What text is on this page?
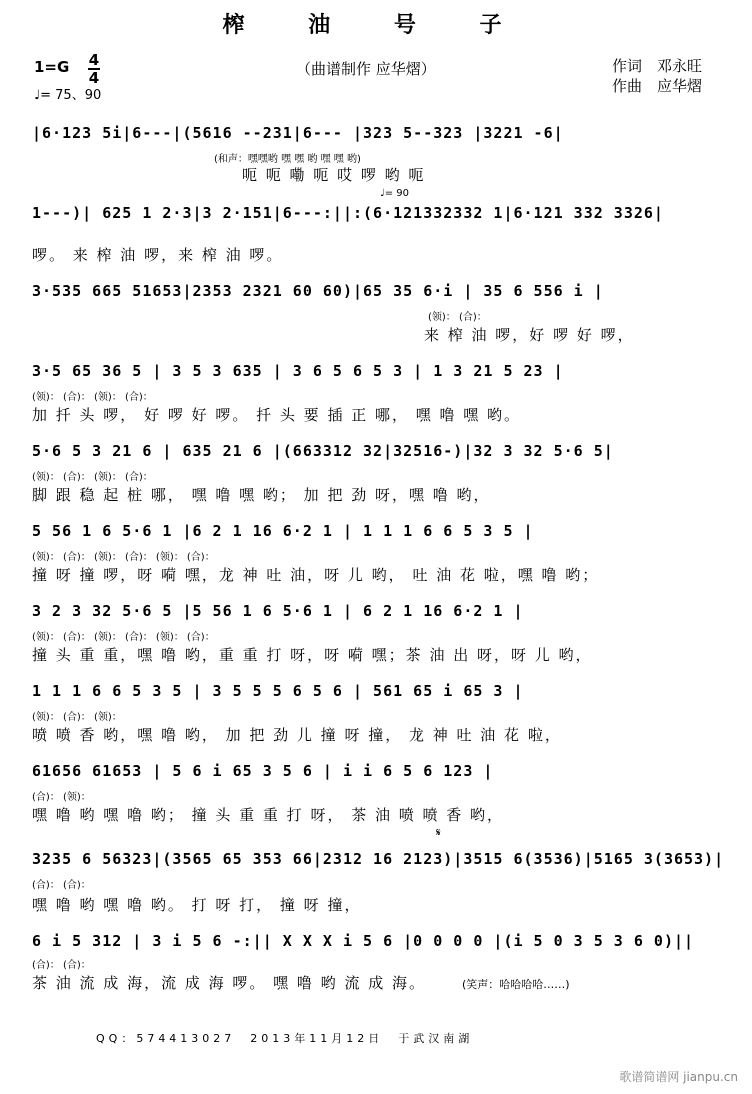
榨 油 号 子
1=G 4
4
♩= 75、90
（曲谱制作 应华熠）	作词　邓永旺
作曲　应华熠
|6·123 5i|6---|(5616 --231|6--- |323 5--323 |3221 -6|
(和声：嘿嘿哟 嘿 嘿 哟 嘿 嘿 哟)
呃 呃 嘞 呃 哎 啰 哟 呃
♩= 90
1---)| 625 1 2·3|3 2·151|6---:||:(6·121332332 1|6·121 332 3326|
啰。 来 榨 油 啰，来 榨 油 啰。
3·535 665 51653|2353 2321 60 60)|65 35 6·i | 35 6 556 i |
(领)： (合)：
来 榨 油 啰，好 啰 好 啰，
3·5 65 36 5 | 3 5 3 635 | 3 6 5 6 5 3 | 1 3 21 5 23 |
(领)： (合)： (领)： (合)：
加 扦 头 啰， 好 啰 好 啰。 扦 头 要 插 正 哪， 嘿 噜 嘿 哟。
5·6 5 3 21 6 | 635 21 6 |(663312 32|32516-)|32 3 32 5·6 5|
(领)： (合)： (领)： (合)：
脚 跟 稳 起 桩 哪， 嘿 噜 嘿 哟； 加 把 劲 呀，嘿 噜 哟，
5 56 1 6 5·6 1 |6 2 1 16 6·2 1 | 1 1 1 6 6 5 3 5 |
(领)： (合)： (领)： (合)： (领)： (合)：
撞 呀 撞 啰，呀 嗬 嘿，龙 神 吐 油，呀 儿 哟， 吐 油 花 啦，嘿 噜 哟；
3 2 3 32 5·6 5 |5 56 1 6 5·6 1 | 6 2 1 16 6·2 1 |
(领)： (合)： (领)： (合)： (领)： (合)：
撞 头 重 重，嘿 噜 哟，重 重 打 呀，呀 嗬 嘿；茶 油 出 呀，呀 儿 哟，
1 1 1 6 6 5 3 5 | 3 5 5 5 6 5 6 | 561 65 i 65 3 |
(领)： (合)： (领)：
喷 喷 香 哟，嘿 噜 哟， 加 把 劲 儿 撞 呀 撞， 龙 神 吐 油 花 啦，
61656 61653 | 5 6 i 65 3 5 6 | i i 6 5 6 123 |
(合)： (领)：
嘿 噜 哟 嘿 噜 哟； 撞 头 重 重 打 呀， 茶 油 喷 喷 香 哟，
𝄋
3235 6 56323|(3565 65 353 66|2312 16 2123)|3515 6(3536)|5165 3(3653)|
(合)： (合)：
嘿 噜 哟 嘿 噜 哟。 打 呀 打， 撞 呀 撞，
6 i 5 312 | 3 i 5 6 -:|| X X X i 5 6 |0 0 0 0 |(i 5 0 3 5 3 6 0)||
(合)： (合)：
茶 油 流 成 海，流 成 海 啰。 嘿 噜 哟 流 成 海。	(笑声：哈哈哈哈……)
QQ：574413027　2013年11月12日　于武汉南湖
歌谱简谱网 jianpu.cn
